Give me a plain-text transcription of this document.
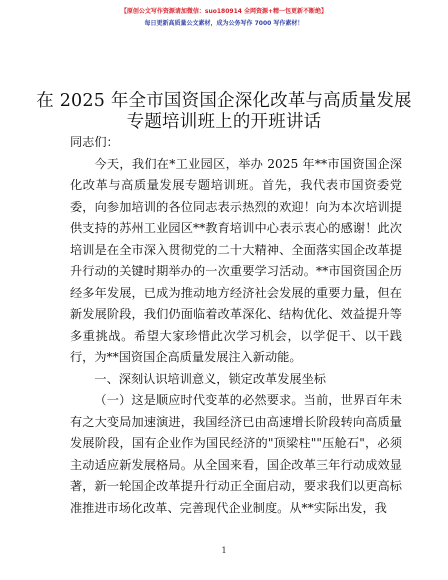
【原创公文写作资源请加微信：suo180914 全网资源+精一包更新不断绝】
每日更新高质量公文素材，成为公务写作 7000 写作素材！
在 2025 年全市国资国企深化改革与高质量发展
专题培训班上的开班讲话

同志们：

今天，我们在*工业园区，举办 2025 年**市国资国企深化改革与高质量发展专题培训班。首先，我代表市国资委党委，向参加培训的各位同志表示热烈的欢迎！向为本次培训提供支持的苏州工业园区**教育培训中心表示衷心的感谢！此次培训是在全市深入贯彻党的二十大精神、全面落实国企改革提升行动的关键时期举办的一次重要学习活动。**市国资国企历经多年发展，已成为推动地方经济社会发展的重要力量，但在新发展阶段，我们仍面临着改革深化、结构优化、效益提升等多重挑战。希望大家珍惜此次学习机会，以学促干、以干践行，为**国资国企高质量发展注入新动能。

一、深刻认识培训意义，锁定改革发展坐标

（一）这是顺应时代变革的必然要求。当前，世界百年未有之大变局加速演进，我国经济已由高速增长阶段转向高质量发展阶段，国有企业作为国民经济的"顶梁柱""压舱石"，必须主动适应新发展格局。从全国来看，国企改革三年行动成效显著，新一轮国企改革提升行动正全面启动，要求我们以更高标准推进市场化改革、完善现代企业制度。从**实际出发，我

1
